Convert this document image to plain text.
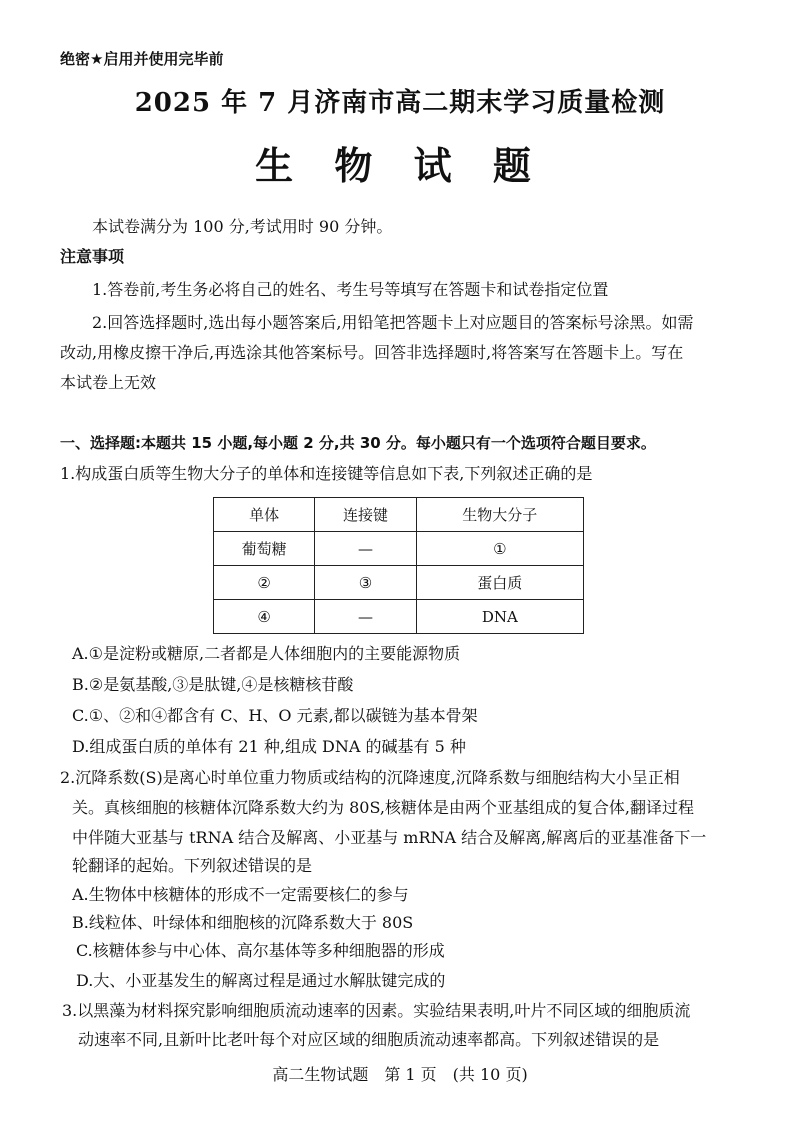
绝密★启用并使用完毕前
2025 年 7 月济南市高二期末学习质量检测
生 物 试 题
本试卷满分为 100 分,考试用时 90 分钟。
注意事项
1.答卷前,考生务必将自己的姓名、考生号等填写在答题卡和试卷指定位置
2.回答选择题时,选出每小题答案后,用铅笔把答题卡上对应题目的答案标号涂黑。如需
改动,用橡皮擦干净后,再选涂其他答案标号。回答非选择题时,将答案写在答题卡上。写在
本试卷上无效
一、选择题:本题共 15 小题,每小题 2 分,共 30 分。每小题只有一个选项符合题目要求。
1.构成蛋白质等生物大分子的单体和连接键等信息如下表,下列叙述正确的是
单体	连接键	生物大分子
葡萄糖	—	①
②	③	蛋白质
④	—	DNA
A.①是淀粉或糖原,二者都是人体细胞内的主要能源物质
B.②是氨基酸,③是肽键,④是核糖核苷酸
C.①、②和④都含有 C、H、O 元素,都以碳链为基本骨架
D.组成蛋白质的单体有 21 种,组成 DNA 的碱基有 5 种
2.沉降系数(S)是离心时单位重力物质或结构的沉降速度,沉降系数与细胞结构大小呈正相
关。真核细胞的核糖体沉降系数大约为 80S,核糖体是由两个亚基组成的复合体,翻译过程
中伴随大亚基与 tRNA 结合及解离、小亚基与 mRNA 结合及解离,解离后的亚基准备下一
轮翻译的起始。下列叙述错误的是
A.生物体中核糖体的形成不一定需要核仁的参与
B.线粒体、叶绿体和细胞核的沉降系数大于 80S
C.核糖体参与中心体、高尔基体等多种细胞器的形成
D.大、小亚基发生的解离过程是通过水解肽键完成的
3.以黑藻为材料探究影响细胞质流动速率的因素。实验结果表明,叶片不同区域的细胞质流
动速率不同,且新叶比老叶每个对应区域的细胞质流动速率都高。下列叙述错误的是
高二生物试题　第 1 页　(共 10 页)
